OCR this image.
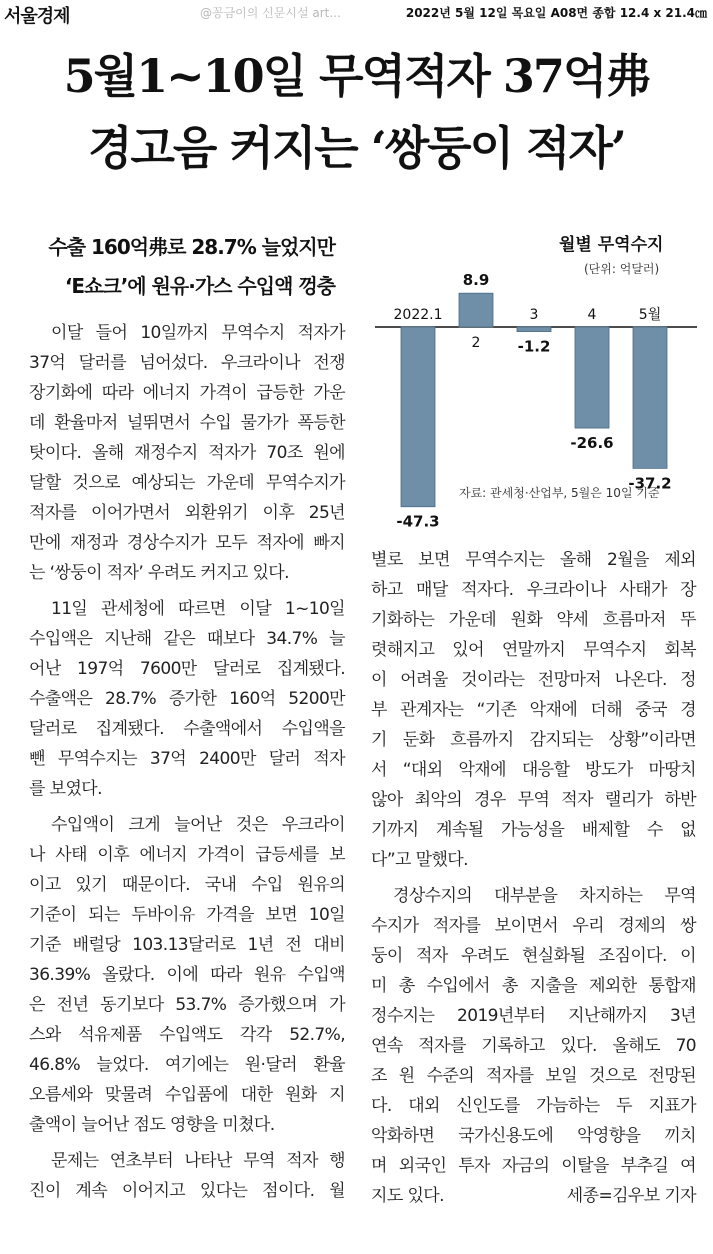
서울경제	@꽁금이의 신문시설 art...	2022년 5월 12일 목요일 A08면 종합 12.4 x 21.4㎝
5월1~10일 무역적자 37억弗
경고음 커지는 ‘쌍둥이 적자’
수출 160억弗로 28.7% 늘었지만
‘E쇼크’에 원유·가스 수입액 껑충

이달 들어 10일까지 무역수지 적자가

37억 달러를 넘어섰다. 우크라이나 전쟁

장기화에 따라 에너지 가격이 급등한 가운

데 환율마저 널뛰면서 수입 물가가 폭등한

탓이다. 올해 재정수지 적자가 70조 원에

달할 것으로 예상되는 가운데 무역수지가

적자를 이어가면서 외환위기 이후 25년

만에 재정과 경상수지가 모두 적자에 빠지

는 ‘쌍둥이 적자’ 우려도 커지고 있다.

11일 관세청에 따르면 이달 1~10일

수입액은 지난해 같은 때보다 34.7% 늘

어난 197억 7600만 달러로 집계됐다.

수출액은 28.7% 증가한 160억 5200만

달러로 집계됐다. 수출액에서 수입액을

뺀 무역수지는 37억 2400만 달러 적자

를 보였다.

수입액이 크게 늘어난 것은 우크라이

나 사태 이후 에너지 가격이 급등세를 보

이고 있기 때문이다. 국내 수입 원유의

기준이 되는 두바이유 가격을 보면 10일

기준 배럴당 103.13달러로 1년 전 대비

36.39% 올랐다. 이에 따라 원유 수입액

은 전년 동기보다 53.7% 증가했으며 가

스와 석유제품 수입액도 각각 52.7%,

46.8% 늘었다. 여기에는 원·달러 환율

오름세와 맞물려 수입품에 대한 원화 지

출액이 늘어난 점도 영향을 미쳤다.

문제는 연초부터 나타난 무역 적자 행

진이 계속 이어지고 있다는 점이다. 월

월별 무역수지
(단위: 억달러)
2022.1
-47.3
2
8.9
3
-1.2
4
-26.6
5월
-37.2
자료: 관세청·산업부, 5월은 10일 기준

별로 보면 무역수지는 올해 2월을 제외

하고 매달 적자다. 우크라이나 사태가 장

기화하는 가운데 원화 약세 흐름마저 뚜

렷해지고 있어 연말까지 무역수지 회복

이 어려울 것이라는 전망마저 나온다. 정

부 관계자는 “기존 악재에 더해 중국 경

기 둔화 흐름까지 감지되는 상황”이라면

서 “대외 악재에 대응할 방도가 마땅치

않아 최악의 경우 무역 적자 랠리가 하반

기까지 계속될 가능성을 배제할 수 없

다”고 말했다.

경상수지의 대부분을 차지하는 무역

수지가 적자를 보이면서 우리 경제의 쌍

둥이 적자 우려도 현실화될 조짐이다. 이

미 총 수입에서 총 지출을 제외한 통합재

정수지는 2019년부터 지난해까지 3년

연속 적자를 기록하고 있다. 올해도 70

조 원 수준의 적자를 보일 것으로 전망된

다. 대외 신인도를 가늠하는 두 지표가

악화하면 국가신용도에 악영향을 끼치

며 외국인 투자 자금의 이탈을 부추길 여

지도 있다.	세종=김우보 기자
